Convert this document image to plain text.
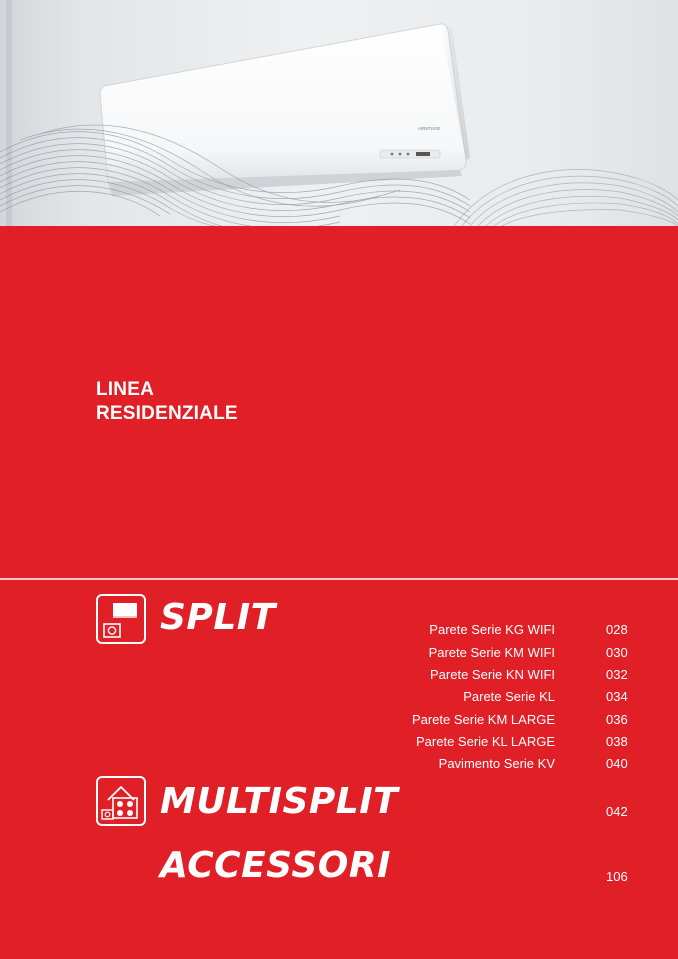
AIRSTAGE
LINEA
RESIDENZIALE
SPLIT	Parete Serie KG WIFI	028
Parete Serie KM WIFI	030
Parete Serie KN WIFI	032
Parete Serie KL	034
Parete Serie KM LARGE	036
Parete Serie KL LARGE	038
Pavimento Serie KV	040
MULTISPLIT	042
ACCESSORI	106
